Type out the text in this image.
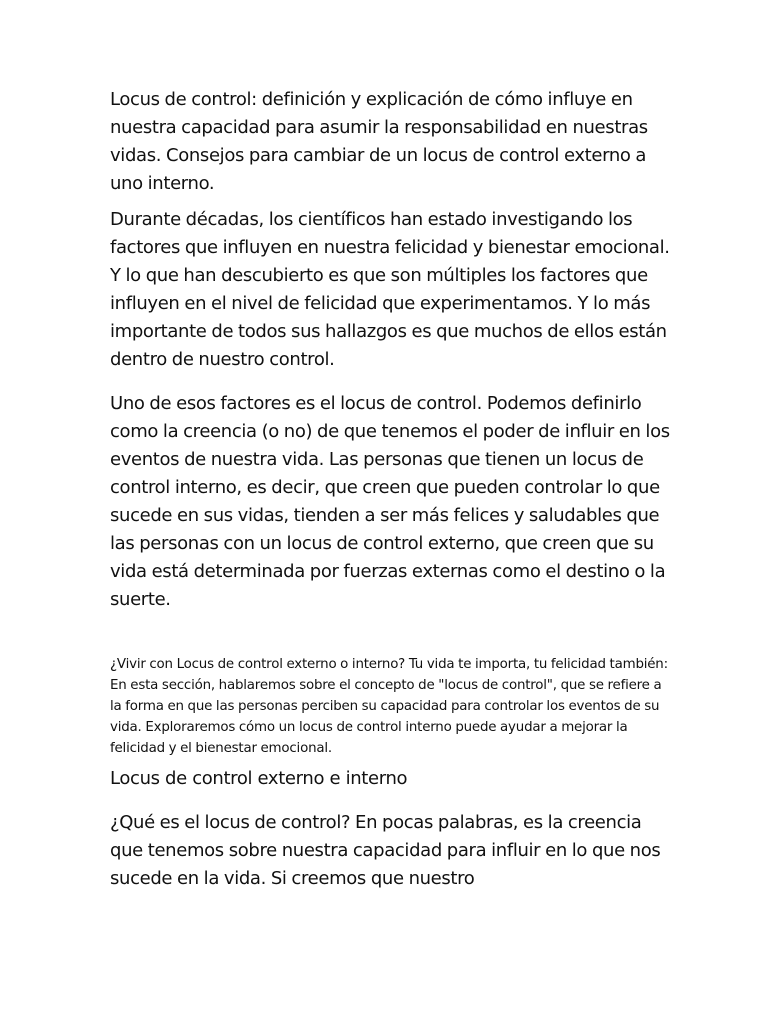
Locus de control: definición y explicación de cómo influye en nuestra capacidad para asumir la responsabilidad en nuestras vidas. Consejos para cambiar de un locus de control externo a uno interno.

Durante décadas, los científicos han estado investigando los factores que influyen en nuestra felicidad y bienestar emocional. Y lo que han descubierto es que son múltiples los factores que influyen en el nivel de felicidad que experimentamos. Y lo más importante de todos sus hallazgos es que muchos de ellos están dentro de nuestro control.

Uno de esos factores es el locus de control. Podemos definirlo como la creencia (o no) de que tenemos el poder de influir en los eventos de nuestra vida. Las personas que tienen un locus de control interno, es decir, que creen que pueden controlar lo que sucede en sus vidas, tienden a ser más felices y saludables que las personas con un locus de control externo, que creen que su vida está determinada por fuerzas externas como el destino o la suerte.

¿Vivir con Locus de control externo o interno? Tu vida te importa, tu felicidad también: En esta sección, hablaremos sobre el concepto de "locus de control", que se refiere a la forma en que las personas perciben su capacidad para controlar los eventos de su vida. Exploraremos cómo un locus de control interno puede ayudar a mejorar la felicidad y el bienestar emocional.

Locus de control externo e interno

¿Qué es el locus de control? En pocas palabras, es la creencia que tenemos sobre nuestra capacidad para influir en lo que nos sucede en la vida. Si creemos que nuestro
